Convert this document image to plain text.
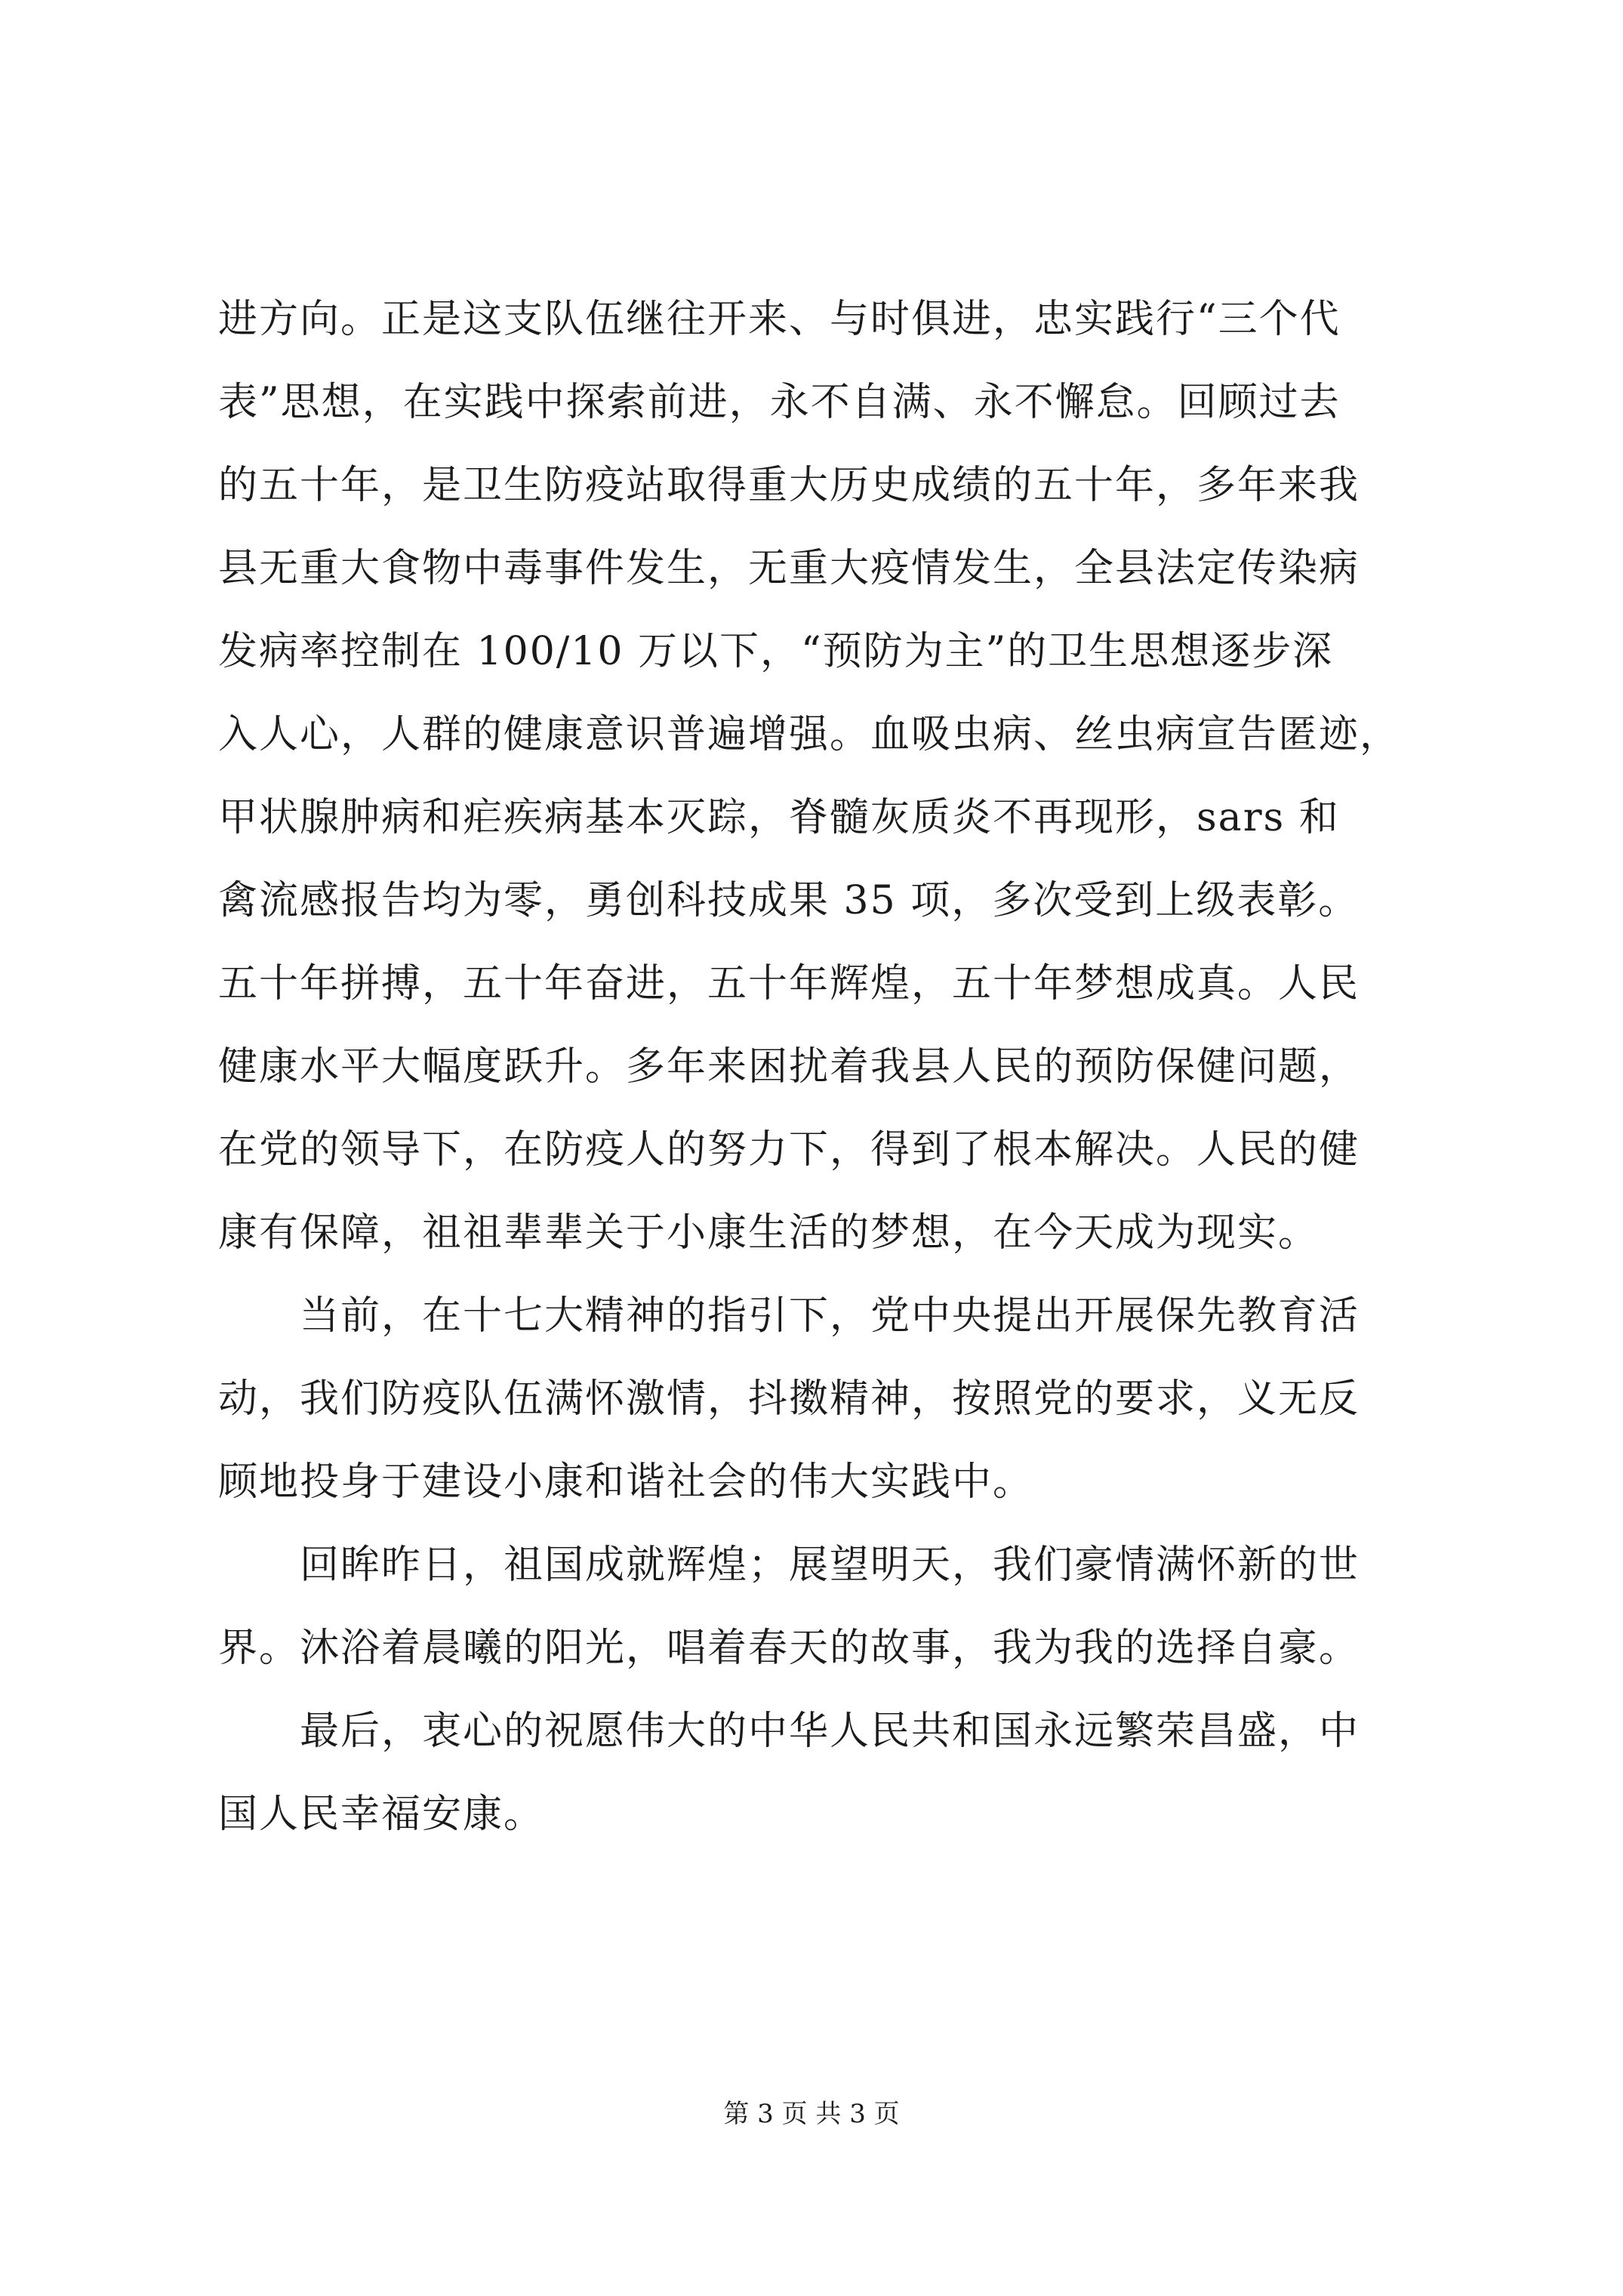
进方向。正是这支队伍继往开来、与时俱进，忠实践行“三个代
表”思想，在实践中探索前进，永不自满、永不懈怠。回顾过去
的五十年，是卫生防疫站取得重大历史成绩的五十年，多年来我
县无重大食物中毒事件发生，无重大疫情发生，全县法定传染病
发病率控制在 100/10 万以下，“预防为主”的卫生思想逐步深
入人心，人群的健康意识普遍增强。血吸虫病、丝虫病宣告匿迹，
甲状腺肿病和疟疾病基本灭踪，脊髓灰质炎不再现形，sars 和
禽流感报告均为零，勇创科技成果 35 项，多次受到上级表彰。
五十年拼搏，五十年奋进，五十年辉煌，五十年梦想成真。人民
健康水平大幅度跃升。多年来困扰着我县人民的预防保健问题，
在党的领导下，在防疫人的努力下，得到了根本解决。人民的健
康有保障，祖祖辈辈关于小康生活的梦想，在今天成为现实。
当前，在十七大精神的指引下，党中央提出开展保先教育活
动，我们防疫队伍满怀激情，抖擞精神，按照党的要求，义无反
顾地投身于建设小康和谐社会的伟大实践中。
回眸昨日，祖国成就辉煌；展望明天，我们豪情满怀新的世
界。沐浴着晨曦的阳光，唱着春天的故事，我为我的选择自豪。
最后，衷心的祝愿伟大的中华人民共和国永远繁荣昌盛，中
国人民幸福安康。
第 3 页 共 3 页
